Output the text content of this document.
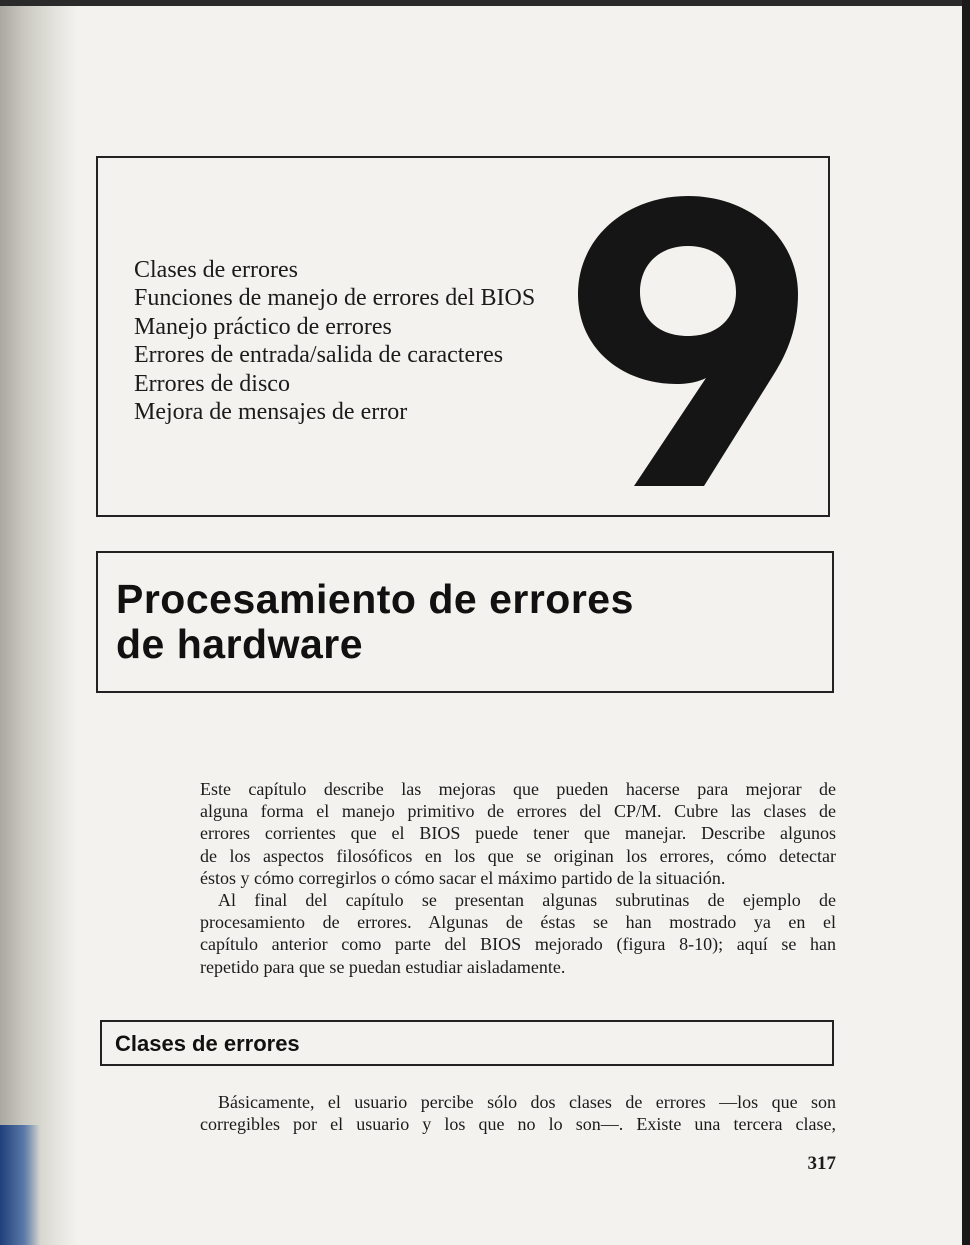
Clases de errores
Funciones de manejo de errores del BIOS
Manejo práctico de errores
Errores de entrada/salida de caracteres
Errores de disco
Mejora de mensajes de error
Procesamiento de errores
de hardware
Este capítulo describe las mejoras que pueden hacerse para mejorar de
alguna forma el manejo primitivo de errores del CP/M. Cubre las clases de
errores corrientes que el BIOS puede tener que manejar. Describe algunos
de los aspectos filosóficos en los que se originan los errores, cómo detectar
éstos y cómo corregirlos o cómo sacar el máximo partido de la situación.
Al final del capítulo se presentan algunas subrutinas de ejemplo de
procesamiento de errores. Algunas de éstas se han mostrado ya en el
capítulo anterior como parte del BIOS mejorado (figura 8-10); aquí se han
repetido para que se puedan estudiar aisladamente.
Clases de errores
Básicamente, el usuario percibe sólo dos clases de errores —los que son
corregibles por el usuario y los que no lo son—. Existe una tercera clase,
317
